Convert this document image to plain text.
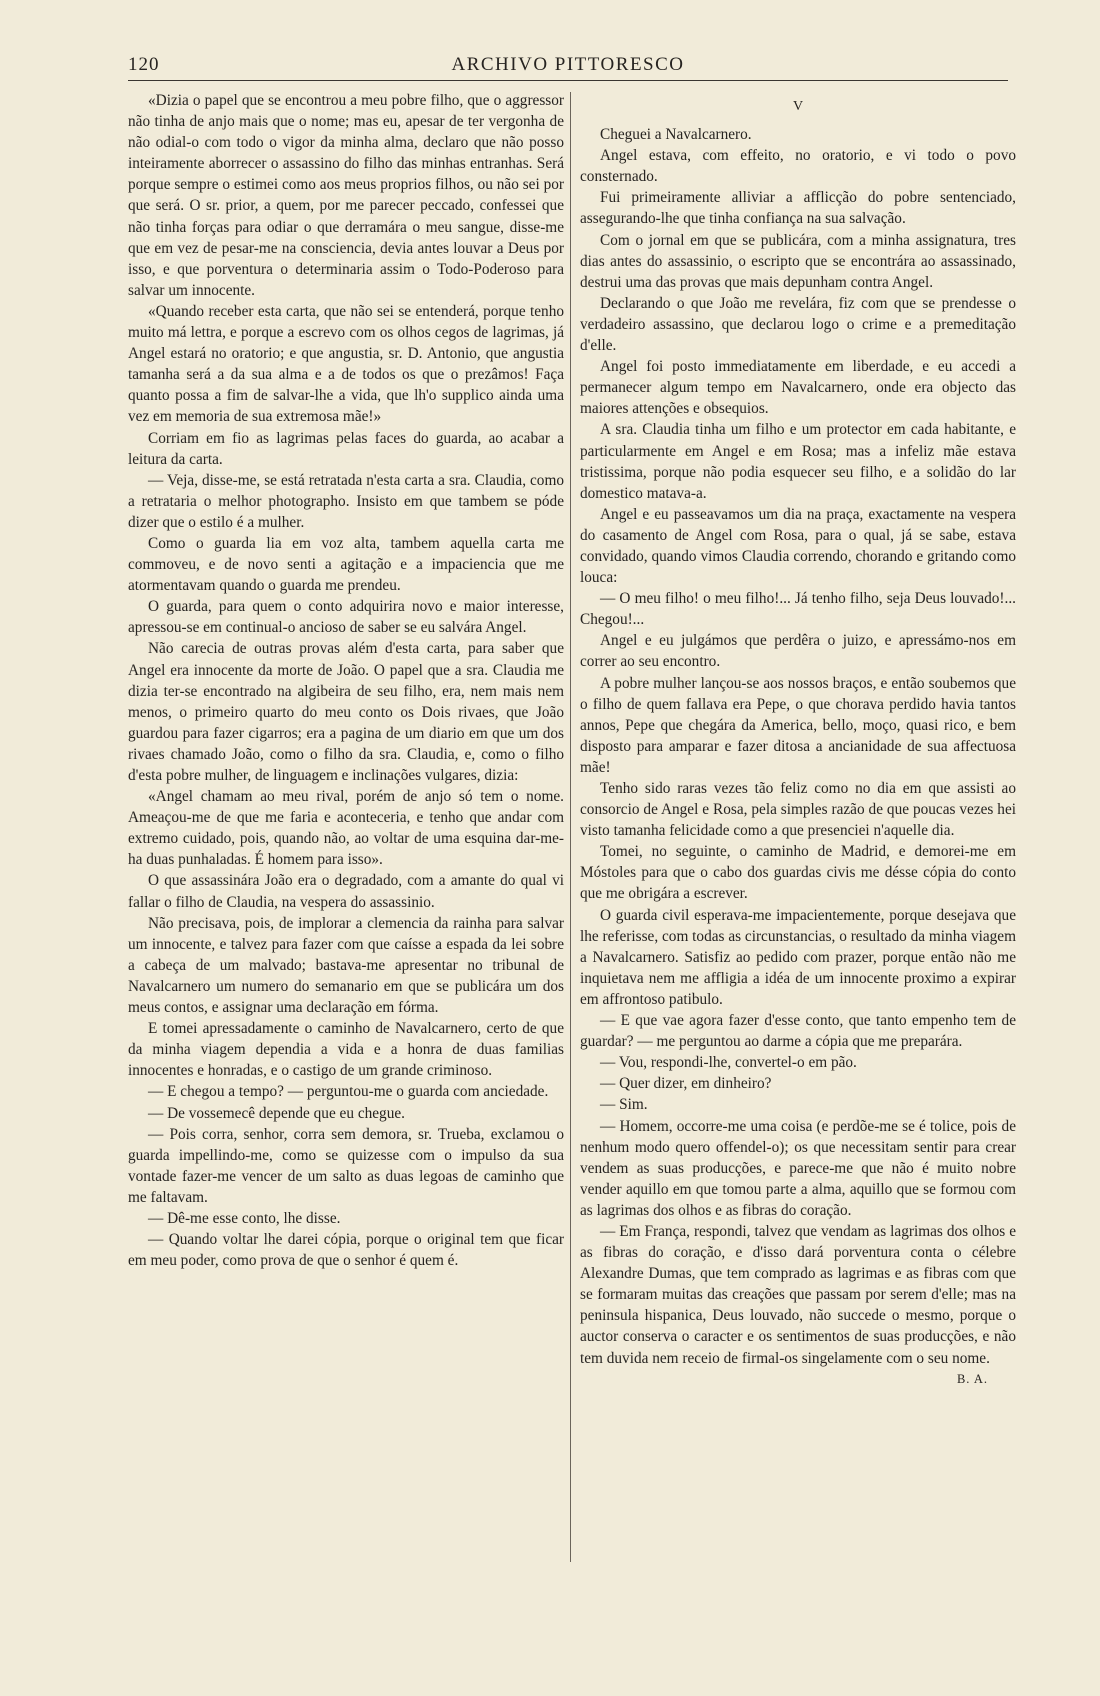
120	ARCHIVO PITTORESCO

«Dizia o papel que se encontrou a meu pobre filho, que o aggressor não tinha de anjo mais que o nome; mas eu, apesar de ter vergonha de não odial-o com todo o vigor da minha alma, declaro que não posso inteiramente aborrecer o assassino do filho das minhas entranhas. Será porque sempre o estimei como aos meus proprios filhos, ou não sei por que será. O sr. prior, a quem, por me parecer peccado, confessei que não tinha forças para odiar o que derramára o meu sangue, disse-me que em vez de pesar-me na consciencia, devia antes louvar a Deus por isso, e que porventura o determinaria assim o Todo-Poderoso para salvar um innocente.

«Quando receber esta carta, que não sei se entenderá, porque tenho muito má lettra, e porque a escrevo com os olhos cegos de lagrimas, já Angel estará no oratorio; e que angustia, sr. D. Antonio, que angustia tamanha será a da sua alma e a de todos os que o prezâmos! Faça quanto possa a fim de salvar-lhe a vida, que lh'o supplico ainda uma vez em memoria de sua extremosa mãe!»

Corriam em fio as lagrimas pelas faces do guarda, ao acabar a leitura da carta.

— Veja, disse-me, se está retratada n'esta carta a sra. Claudia, como a retrataria o melhor photographo. Insisto em que tambem se póde dizer que o estilo é a mulher.

Como o guarda lia em voz alta, tambem aquella carta me commoveu, e de novo senti a agitação e a impaciencia que me atormentavam quando o guarda me prendeu.

O guarda, para quem o conto adquirira novo e maior interesse, apressou-se em continual-o ancioso de saber se eu salvára Angel.

Não carecia de outras provas além d'esta carta, para saber que Angel era innocente da morte de João. O papel que a sra. Claudia me dizia ter-se encontrado na algibeira de seu filho, era, nem mais nem menos, o primeiro quarto do meu conto os Dois rivaes, que João guardou para fazer cigarros; era a pagina de um diario em que um dos rivaes chamado João, como o filho da sra. Claudia, e, como o filho d'esta pobre mulher, de linguagem e inclinações vulgares, dizia:

«Angel chamam ao meu rival, porém de anjo só tem o nome. Ameaçou-me de que me faria e aconteceria, e tenho que andar com extremo cuidado, pois, quando não, ao voltar de uma esquina dar-me-ha duas punhaladas. É homem para isso».

O que assassinára João era o degradado, com a amante do qual vi fallar o filho de Claudia, na vespera do assassinio.

Não precisava, pois, de implorar a clemencia da rainha para salvar um innocente, e talvez para fazer com que caísse a espada da lei sobre a cabeça de um malvado; bastava-me apresentar no tribunal de Navalcarnero um numero do semanario em que se publicára um dos meus contos, e assignar uma declaração em fórma.

E tomei apressadamente o caminho de Navalcarnero, certo de que da minha viagem dependia a vida e a honra de duas familias innocentes e honradas, e o castigo de um grande criminoso.

— E chegou a tempo? — perguntou-me o guarda com anciedade.

— De vossemecê depende que eu chegue.

— Pois corra, senhor, corra sem demora, sr. Trueba, exclamou o guarda impellindo-me, como se quizesse com o impulso da sua vontade fazer-me vencer de um salto as duas legoas de caminho que me faltavam.

— Dê-me esse conto, lhe disse.

— Quando voltar lhe darei cópia, porque o original tem que ficar em meu poder, como prova de que o senhor é quem é.

V

Cheguei a Navalcarnero.

Angel estava, com effeito, no oratorio, e vi todo o povo consternado.

Fui primeiramente alliviar a afflicção do pobre sentenciado, assegurando-lhe que tinha confiança na sua salvação.

Com o jornal em que se publicára, com a minha assignatura, tres dias antes do assassinio, o escripto que se encontrára ao assassinado, destrui uma das provas que mais depunham contra Angel.

Declarando o que João me revelára, fiz com que se prendesse o verdadeiro assassino, que declarou logo o crime e a premeditação d'elle.

Angel foi posto immediatamente em liberdade, e eu accedi a permanecer algum tempo em Navalcarnero, onde era objecto das maiores attenções e obsequios.

A sra. Claudia tinha um filho e um protector em cada habitante, e particularmente em Angel e em Rosa; mas a infeliz mãe estava tristissima, porque não podia esquecer seu filho, e a solidão do lar domestico matava-a.

Angel e eu passeavamos um dia na praça, exactamente na vespera do casamento de Angel com Rosa, para o qual, já se sabe, estava convidado, quando vimos Claudia correndo, chorando e gritando como louca:

— O meu filho! o meu filho!... Já tenho filho, seja Deus louvado!... Chegou!...

Angel e eu julgámos que perdêra o juizo, e apressámo-nos em correr ao seu encontro.

A pobre mulher lançou-se aos nossos braços, e então soubemos que o filho de quem fallava era Pepe, o que chorava perdido havia tantos annos, Pepe que chegára da America, bello, moço, quasi rico, e bem disposto para amparar e fazer ditosa a ancianidade de sua affectuosa mãe!

Tenho sido raras vezes tão feliz como no dia em que assisti ao consorcio de Angel e Rosa, pela simples razão de que poucas vezes hei visto tamanha felicidade como a que presenciei n'aquelle dia.

Tomei, no seguinte, o caminho de Madrid, e demorei-me em Móstoles para que o cabo dos guardas civis me désse cópia do conto que me obrigára a escrever.

O guarda civil esperava-me impacientemente, porque desejava que lhe referisse, com todas as circunstancias, o resultado da minha viagem a Navalcarnero. Satisfiz ao pedido com prazer, porque então não me inquietava nem me affligia a idéa de um innocente proximo a expirar em affrontoso patibulo.

— E que vae agora fazer d'esse conto, que tanto empenho tem de guardar? — me perguntou ao darme a cópia que me preparára.

— Vou, respondi-lhe, convertel-o em pão.

— Quer dizer, em dinheiro?

— Sim.

— Homem, occorre-me uma coisa (e perdõe-me se é tolice, pois de nenhum modo quero offendel-o); os que necessitam sentir para crear vendem as suas producções, e parece-me que não é muito nobre vender aquillo em que tomou parte a alma, aquillo que se formou com as lagrimas dos olhos e as fibras do coração.

— Em França, respondi, talvez que vendam as lagrimas dos olhos e as fibras do coração, e d'isso dará porventura conta o célebre Alexandre Dumas, que tem comprado as lagrimas e as fibras com que se formaram muitas das creações que passam por serem d'elle; mas na peninsula hispanica, Deus louvado, não succede o mesmo, porque o auctor conserva o caracter e os sentimentos de suas producções, e não tem duvida nem receio de firmal-os singelamente com o seu nome.

B. A.
